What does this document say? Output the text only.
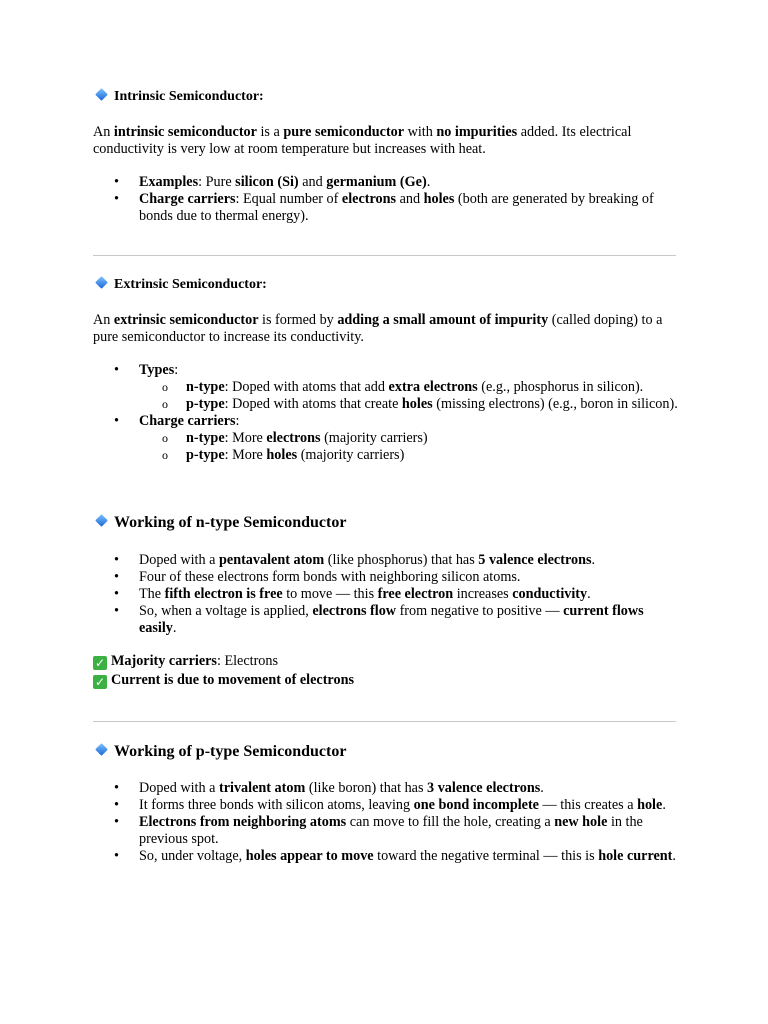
Intrinsic Semiconductor:

An intrinsic semiconductor is a pure semiconductor with no impurities added. Its electrical conductivity is very low at room temperature but increases with heat.

• Examples: Pure silicon (Si) and germanium (Ge).
• Charge carriers: Equal number of electrons and holes (both are generated by breaking of bonds due to thermal energy).
Extrinsic Semiconductor:

An extrinsic semiconductor is formed by adding a small amount of impurity (called doping) to a pure semiconductor to increase its conductivity.

• Types:
o n-type: Doped with atoms that add extra electrons (e.g., phosphorus in silicon).
o p-type: Doped with atoms that create holes (missing electrons) (e.g., boron in silicon).
• Charge carriers:
o n-type: More electrons (majority carriers)
o p-type: More holes (majority carriers)
Working of n-type Semiconductor
• Doped with a pentavalent atom (like phosphorus) that has 5 valence electrons.
• Four of these electrons form bonds with neighboring silicon atoms.
• The fifth electron is free to move — this free electron increases conductivity.
• So, when a voltage is applied, electrons flow from negative to positive — current flows easily.

✓ Majority carriers: Electrons

✓ Current is due to movement of electrons

Working of p-type Semiconductor
• Doped with a trivalent atom (like boron) that has 3 valence electrons.
• It forms three bonds with silicon atoms, leaving one bond incomplete — this creates a hole.
• Electrons from neighboring atoms can move to fill the hole, creating a new hole in the previous spot.
• So, under voltage, holes appear to move toward the negative terminal — this is hole current.
